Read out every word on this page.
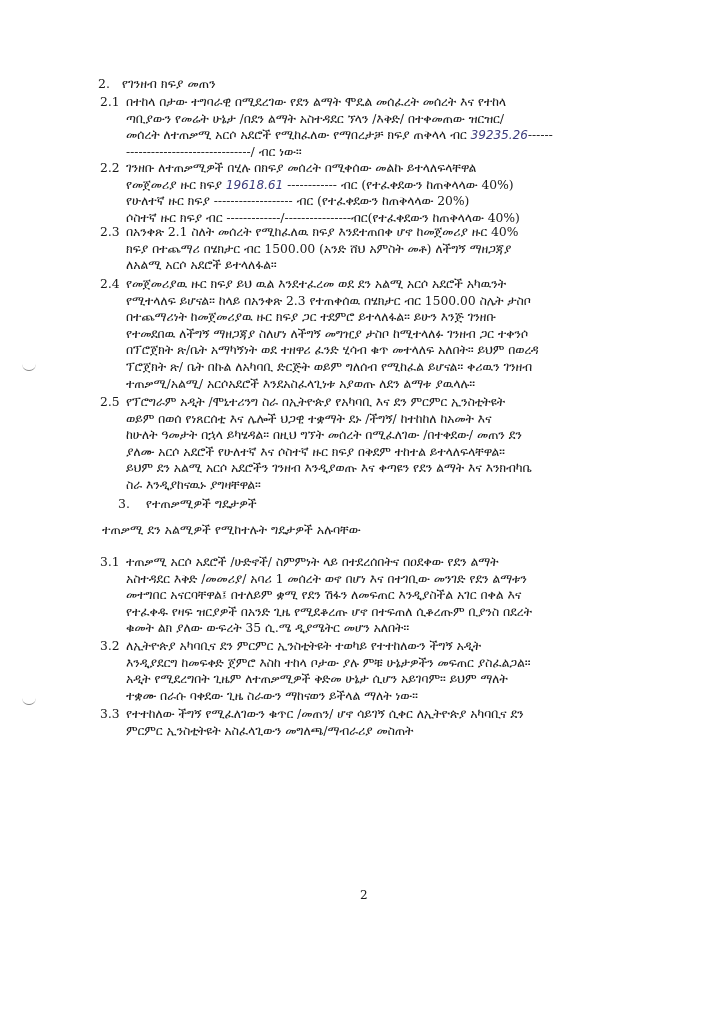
2. የገንዘብ ክፍያ መጠን
2.1 በተከላ በታው ተግባራዊ በሚደረገው የደን ልማት ሞዴል መሰፈረት መሰረት እና የተከላ
ጣቢያውን የመሬት ሁኔታ /በደን ልማት አስተዳደር ኘላን /እቅድ/ በተቀመጠው ዝርዝር/
መሰረት ለተጠቃሚ አርሶ አደሮች የሚከፈለው የማበረታቻ ክፍያ ጠቅላላ ብር 39235.26------
------------------------------/ ብር ነው።
2.2 ገንዘቡ ለተጠቃሚዎች በሂሉ በክፍያ መሰረት በሚቀሰው መልኩ ይተላለፍላቸዋል
የመጀመሪያ ዙር ክፍያ 19618.61 ------------ ብር (የተፈቀደውን ከጠቅላላው 40%)
የሁለተኛ ዙር ክፍያ ------------------- ብር (የተፈቀደውን ከጠቅላላው 20%)
ሶስተኛ ዙር ክፍያ ብር -------------/----------------ብር(የተፈቀደውን ከጠቅላላው 40%)
2.3 በአንቀጽ 2.1 ስለት መሰረት የሚከፈለዉ ክፍያ እንደተጠበቀ ሆኖ ከመጀመሪያ ዙር 40%
ክፍያ በተጨማሪ በሄክታር ብር 1500.00 (አንድ ሸህ አምስት መቶ) ለችግኝ ማዘጋጃያ
ለአልሚ አርሶ አደሮች ይተላለፋል።
2.4 የመጀመሪያዉ ዙር ክፍያ ይህ ዉል እንደተፈረመ ወደ ደን አልሚ አርሶ አደሮች አካዉንት
የሚተላለፍ ይሆናል። ከላይ በአንቀጽ 2.3 የተጠቀሰዉ በሄክታር ብር 1500.00 ስሌት ታስቦ
በተጨማሪነት ከመጀመሪያዉ ዙር ክፍያ ጋር ተደምሮ ይተላለፋል። ይሁን እንጅ ገንዘቡ
የተመደበዉ ለችግኝ ማዘጋጃያ ስለሆነ ለችግኝ መግዢያ ታስቦ ከሚተላለፉ ገንዘብ ጋር ተቀንሶ
በፕሮጀክት ጽ/ቤት አማካኝነት ወደ ተዘዋሪ ፈንድ ሂሳብ ቁጥ መተላለፍ አለበት። ይህም በወረዳ
ፕሮጀክት ጽ/ ቤት በኩል ለአካባቢ ድርጅት ወይም ግለሰብ የሚከፈል ይሆናል። ቀሪዉን ገንዘብ
ተጠቃሚ/አልሚ/ አርሶአደሮች እንደአስፈላጊነቱ አያወጡ ለደን ልማቱ ያዉላሉ።
2.5 የፕሮግራም አዲት /ሞኒተሪንግ ስራ በኢትዮጵያ የአካባቢ እና ደን ምርምር ኢንስቲትዩት
ወይም በወሰ የነጸርሰቲ እና ሌሎች ህጋዊ ተቋማት ደኑ /ችግኝ/ ከተከከለ ከአመት እና
ከሁለት ዓመታት በኋላ ይካሄዳል። በዚህ ግኘት መሰረት በሚፈለገው /በተቀደው/ መጠን ደን
ያለሙ አርሶ አደሮች የሁለተኛ እና ሶስተኛ ዙር ክፍያ በቅደም ተከተል ይተላለፍላቸዋል።
ይህም ደን አልሚ አርሶ አደሮችን ገንዘብ እንዲያወጡ እና ቀጣዩን የደን ልማት እና እንክብካቤ
ስራ እንዲያከናዉኑ ያግዛቸዋል።
3. የተጠቃሚዎች ግዴታዎች
ተጠቃሚ ደን አልሚዎች የሚከተሉት ግዴታዎች አሉባቸው
3.1 ተጠቃሚ አርሶ አደሮች /ሁድኖች/ ስምምነት ላይ በተደረሰበትና በዐደቀው የደን ልማት
አስተዳደር እቅድ /መመሪያ/ አባሪ 1 መሰረት ወኖ በሆነ እና በተገቢው መንገድ የደን ልማቱን
መተግበር አናርባቸዋል፤ በተለይም ቋሚ የደን ሽፋን ለመፍጠር እንዲያስችል አገር በቀል እና
የተፈቀዱ የዛፍ ዝርያዎች በአንድ ጊዜ የሚደቆረጡ ሆኖ በተፍጠለ ሲቆረጡም ቢያንስ በደረት
ቁመት ልክ ያለው ውፍረት 35 ሲ.ሜ ዲያሜትር መሆን አለበት።
3.2 ለኢትዮጵያ አካባቢና ደን ምርምር ኢንስቲትዩት ተወካይ የተተከለውን ችግኝ አዲት
እንዲያደርግ ከመፍቀድ ጀምሮ እስከ ተከላ ቦታው ያሉ ምቹ ሁኔታዎችን መፍጠር ያስፈልጋል።
አዲት የሚደረግበት ጊዜም ለተጠቃሚዎች ቅድመ ሁኔታ ሲሆን አይገባም። ይህም ማለት
ተቋሙ በራሱ ባቀደው ጊዜ ስራውን ማከናወን ይችላል ማለት ነው።
3.3 የተተከለው ችግኝ የሚፈለገውን ቁጥር /መጠን/ ሆኖ ሳይገኝ ሲቀር ለኢትዮጵያ አካባቢና ደን
ምርምር ኢንስቲትዩት አስፈላጊውን መግለጫ/ማብራሪያ መስጠት
2
